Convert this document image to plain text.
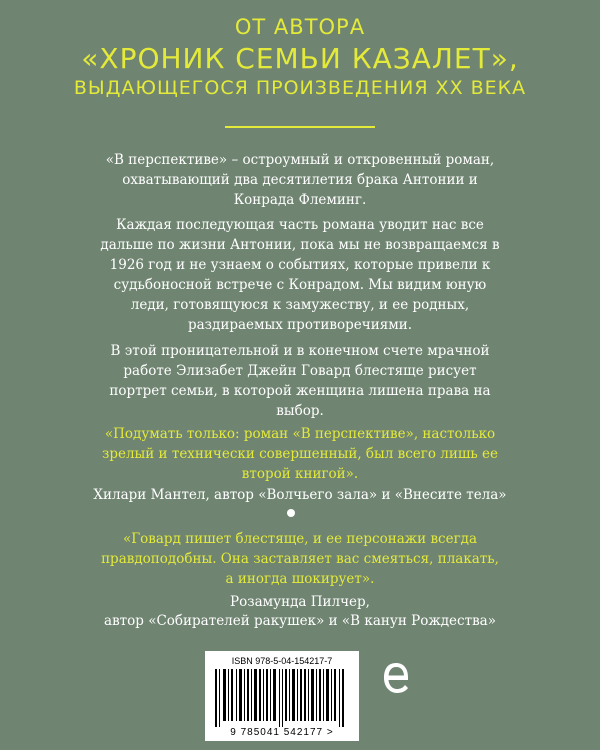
ОТ АВТОРА
«ХРОНИК СЕМЬИ КАЗАЛЕТ»,
ВЫДАЮЩЕГОСЯ ПРОИЗВЕДЕНИЯ XX ВЕКА
«В перспективе» – остроумный и откровенный роман, охватывающий два десятилетия брака Антонии и Конрада Флеминг.
Каждая последующая часть романа уводит нас все дальше по жизни Антонии, пока мы не возвращаемся в 1926 год и не узнаем о событиях, которые привели к судьбоносной встрече с Конрадом. Мы видим юную леди, готовящуюся к замужеству, и ее родных, раздираемых противоречиями.
В этой проницательной и в конечном счете мрачной работе Элизабет Джейн Говард блестяще рисует портрет семьи, в которой женщина лишена права на выбор.
«Подумать только: роман «В перспективе», настолько зрелый и технически совершенный, был всего лишь ее второй книгой».
Хилари Мантел, автор «Волчьего зала» и «Внесите тела»
«Говард пишет блестяще, и ее персонажи всегда правдоподобны. Она заставляет вас смеяться, плакать, а иногда шокирует».
Розамунда Пилчер,
автор «Собирателей ракушек» и «В канун Рождества»
ISBN 978-5-04-154217-7
9 785041 542177 >
